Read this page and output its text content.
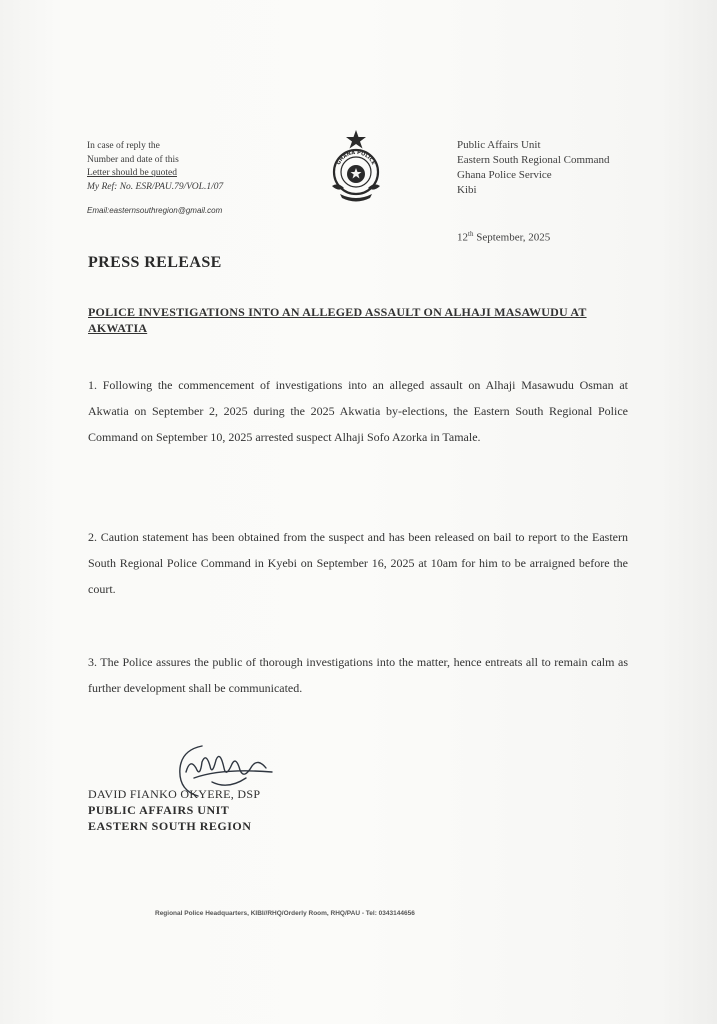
In case of reply the
Number and date of this
Letter should be quoted
My Ref: No. ESR/PAU.79/VOL.1/07
Email:easternsouthregion@gmail.com
GHANA POLICE
Public Affairs Unit
Eastern South Regional Command
Ghana Police Service
Kibi
12th September, 2025
PRESS RELEASE
POLICE INVESTIGATIONS INTO AN ALLEGED ASSAULT ON ALHAJI MASAWUDU AT AKWATIA

1. Following the commencement of investigations into an alleged assault on Alhaji Masawudu Osman at Akwatia on September 2, 2025 during the 2025 Akwatia by-elections, the Eastern South Regional Police Command on September 10, 2025 arrested suspect Alhaji Sofo Azorka in Tamale.

2. Caution statement has been obtained from the suspect and has been released on bail to report to the Eastern South Regional Police Command in Kyebi on September 16, 2025 at 10am for him to be arraigned before the court.

3. The Police assures the public of thorough investigations into the matter, hence entreats all to remain calm as further development shall be communicated.

DAVID FIANKO OKYERE, DSP
PUBLIC AFFAIRS UNIT
EASTERN SOUTH REGION
Regional Police Headquarters, KIBI//RHQ/Orderly Room, RHQ/PAU - Tel: 0343144656
